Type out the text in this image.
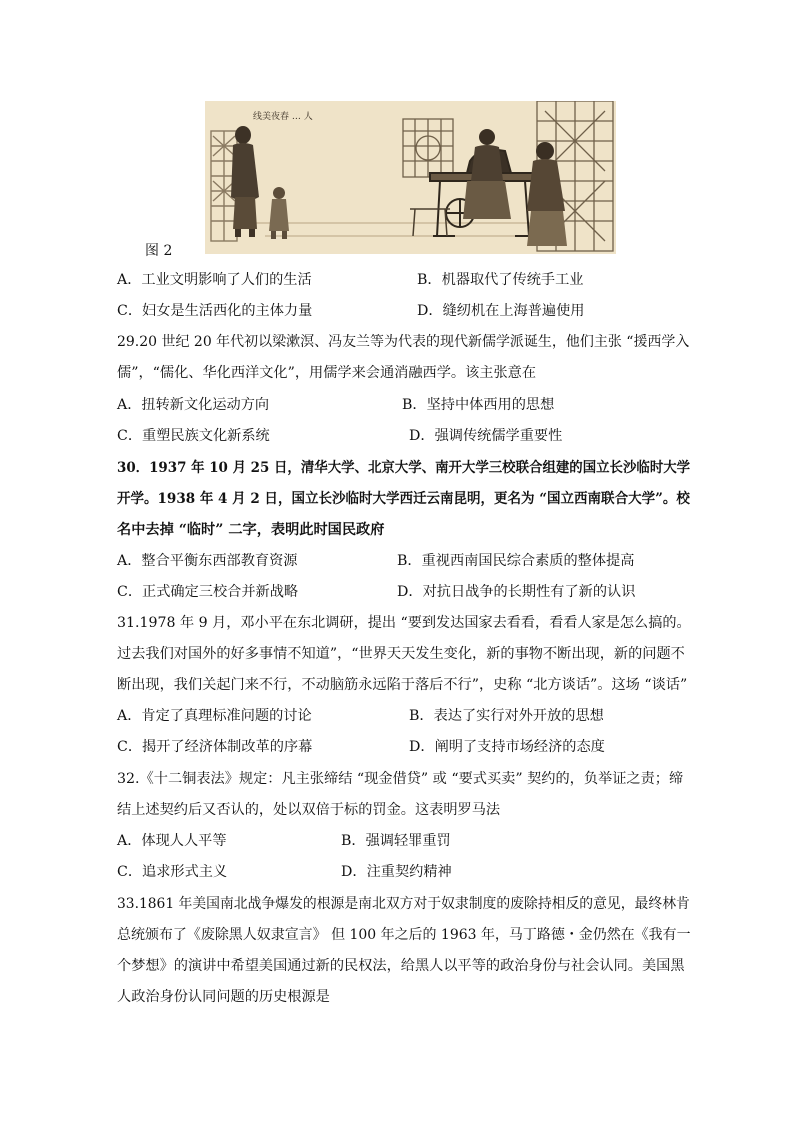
线美夜春 … 人
图 2
A．工业文明影响了人们的生活	B．机器取代了传统手工业
C．妇女是生活西化的主体力量	D．缝纫机在上海普遍使用
29.20 世纪 20 年代初以梁漱溟、冯友兰等为代表的现代新儒学派诞生，他们主张 “援西学入
儒”，“儒化、华化西洋文化”，用儒学来会通消融西学。该主张意在
A．扭转新文化运动方向	B．坚持中体西用的思想
C．重塑民族文化新系统	D．强调传统儒学重要性
30．1937 年 10 月 25 日，清华大学、北京大学、南开大学三校联合组建的国立长沙临时大学
开学。1938 年 4 月 2 日，国立长沙临时大学西迁云南昆明，更名为 “国立西南联合大学”。校
名中去掉 “临时” 二字，表明此时国民政府
A．整合平衡东西部教育资源	B．重视西南国民综合素质的整体提高
C．正式确定三校合并新战略	D．对抗日战争的长期性有了新的认识
31.1978 年 9 月，邓小平在东北调研，提出 “要到发达国家去看看，看看人家是怎么搞的。
过去我们对国外的好多事情不知道”，“世界天天发生变化，新的事物不断出现，新的问题不
断出现，我们关起门来不行，不动脑筋永远陷于落后不行”，史称 “北方谈话”。这场 “谈话”
A．肯定了真理标准问题的讨论	B．表达了实行对外开放的思想
C．揭开了经济体制改革的序幕	D．阐明了支持市场经济的态度
32.《十二铜表法》规定：凡主张缔结 “现金借贷” 或 “要式买卖” 契约的，负举证之责；缔
结上述契约后又否认的，处以双倍于标的罚金。这表明罗马法
A．体现人人平等	B．强调轻罪重罚
C．追求形式主义	D．注重契约精神
33.1861 年美国南北战争爆发的根源是南北双方对于奴隶制度的废除持相反的意见，最终林肯
总统颁布了《废除黑人奴隶宣言》 但 100 年之后的 1963 年，马丁路德・金仍然在《我有一
个梦想》的演讲中希望美国通过新的民权法，给黑人以平等的政治身份与社会认同。美国黑
人政治身份认同问题的历史根源是
